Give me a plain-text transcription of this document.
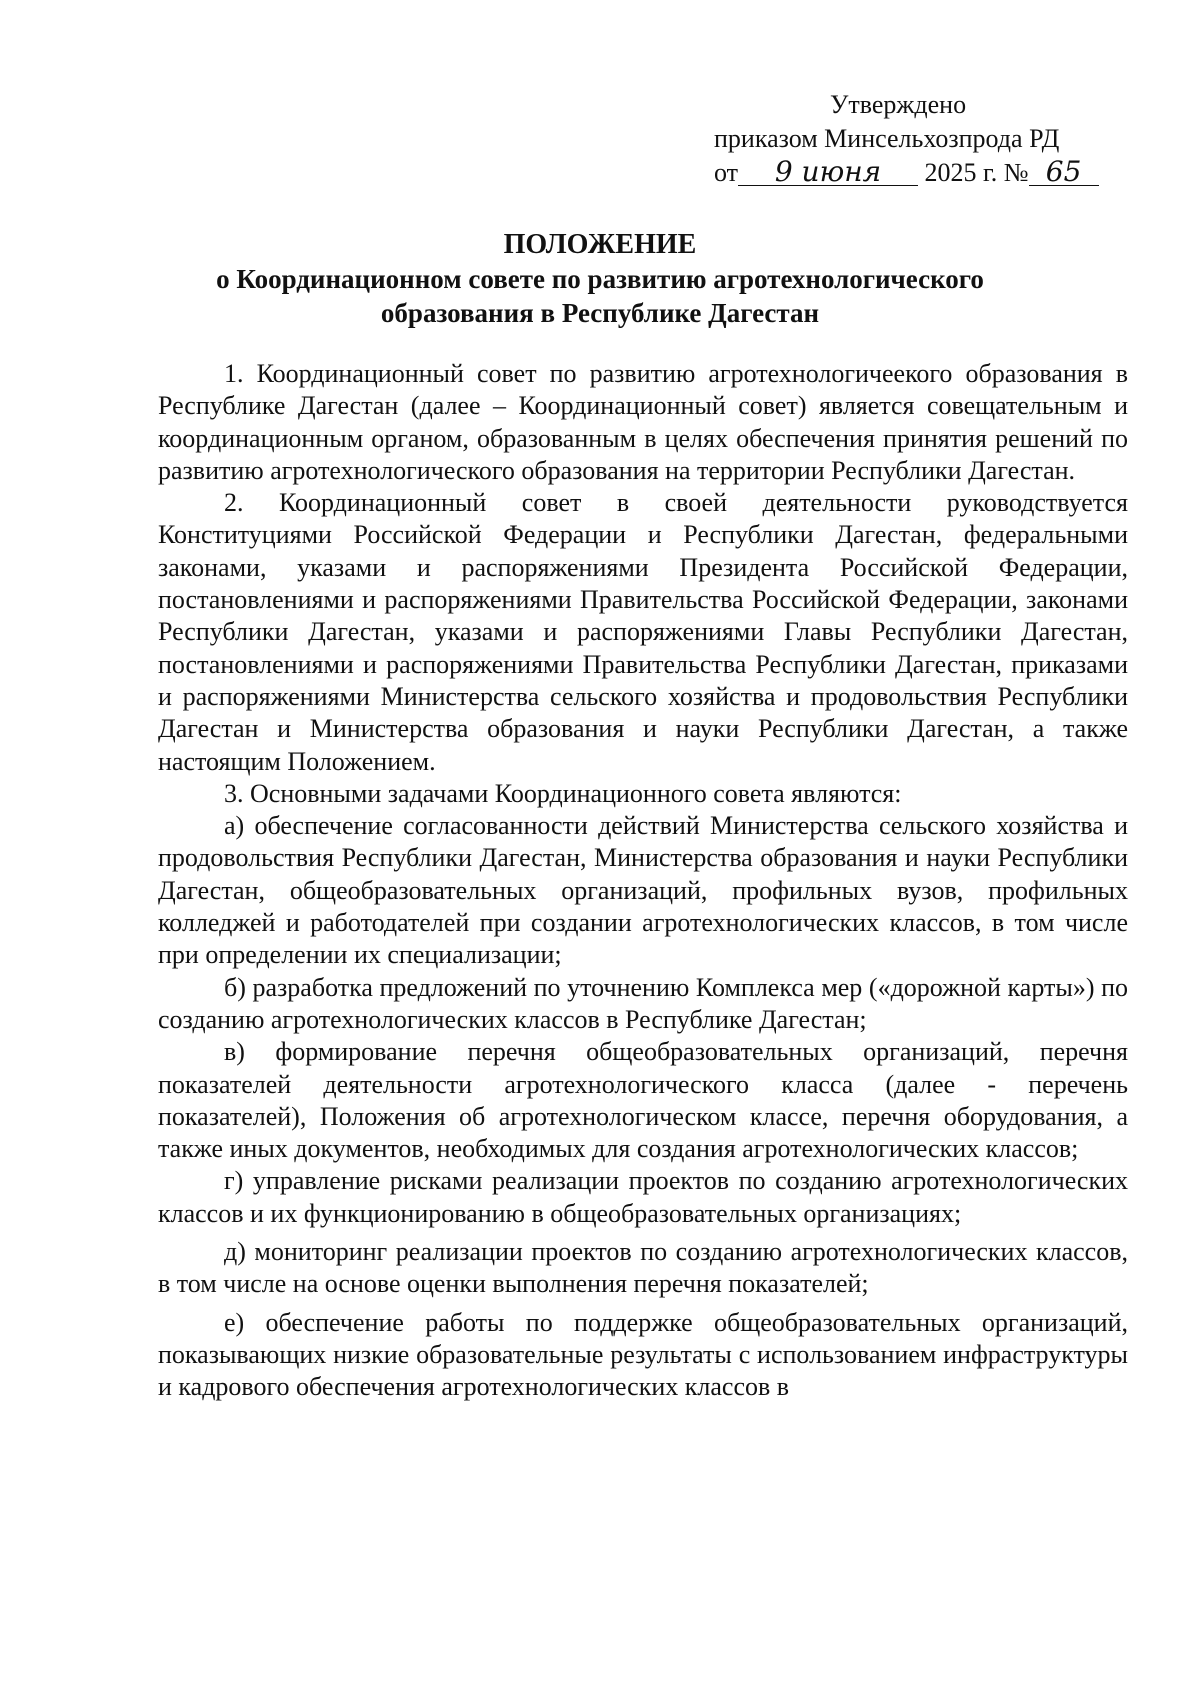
Утверждено
приказом Минсельхозпрода РД
от 9 июня 2025 г. № 65
ПОЛОЖЕНИЕ
о Координационном совете по развитию агротехнологического
образования в Республике Дагестан

1. Координационный совет по развитию агротехнологичеекого образования в Республике Дагестан (далее – Координационный совет) является совещательным и координационным органом, образованным в целях обеспечения принятия решений по развитию агротехнологического образования на территории Республики Дагестан.

2. Координационный совет в своей деятельности руководствуется Конституциями Российской Федерации и Республики Дагестан, федеральными законами, указами и распоряжениями Президента Российской Федерации, постановлениями и распоряжениями Правительства Российской Федерации, законами Республики Дагестан, указами и распоряжениями Главы Республики Дагестан, постановлениями и распоряжениями Правительства Республики Дагестан, приказами и распоряжениями Министерства сельского хозяйства и продовольствия Республики Дагестан и Министерства образования и науки Республики Дагестан, а также настоящим Положением.

3. Основными задачами Координационного совета являются:

а) обеспечение согласованности действий Министерства сельского хозяйства и продовольствия Республики Дагестан, Министерства образования и науки Республики Дагестан, общеобразовательных организаций, профильных вузов, профильных колледжей и работодателей при создании агротехнологических классов, в том числе при определении их специализации;

б) разработка предложений по уточнению Комплекса мер («дорожной карты») по созданию агротехнологических классов в Республике Дагестан;

в) формирование перечня общеобразовательных организаций, перечня показателей деятельности агротехнологического класса (далее - перечень показателей), Положения об агротехнологическом классе, перечня оборудования, а также иных документов, необходимых для создания агротехнологических классов;

г) управление рисками реализации проектов по созданию агротехнологических классов и их функционированию в общеобразовательных организациях;

д) мониторинг реализации проектов по созданию агротехнологических классов, в том числе на основе оценки выполнения перечня показателей;

е) обеспечение работы по поддержке общеобразовательных организаций, показывающих низкие образовательные результаты с использованием инфраструктуры и кадрового обеспечения агротехнологических классов в
